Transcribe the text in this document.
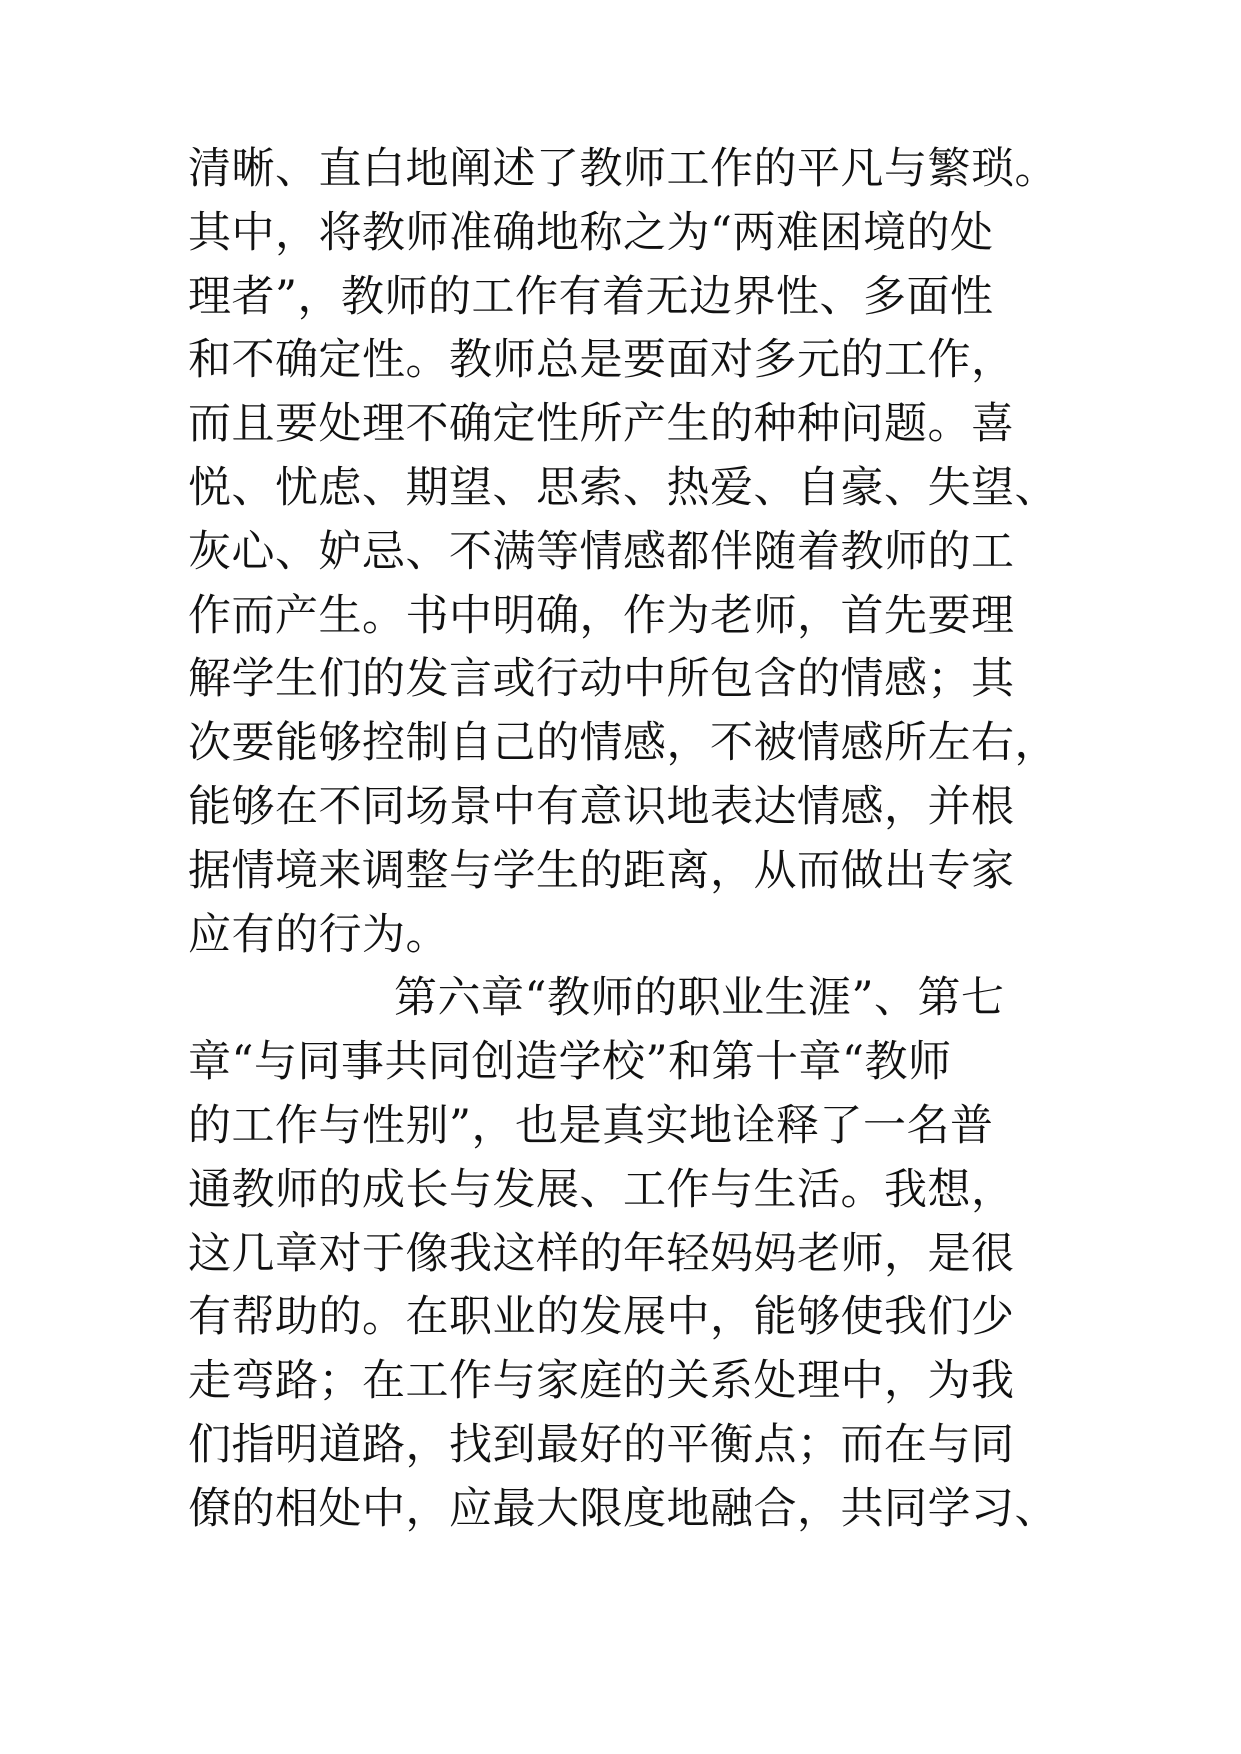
清晰、直白地阐述了教师工作的平凡与繁琐。
其中，将教师准确地称之为“两难困境的处
理者”，教师的工作有着无边界性、多面性
和不确定性。教师总是要面对多元的工作，
而且要处理不确定性所产生的种种问题。喜
悦、忧虑、期望、思索、热爱、自豪、失望、
灰心、妒忌、不满等情感都伴随着教师的工
作而产生。书中明确，作为老师，首先要理
解学生们的发言或行动中所包含的情感；其
次要能够控制自己的情感，不被情感所左右，
能够在不同场景中有意识地表达情感，并根
据情境来调整与学生的距离，从而做出专家
应有的行为。
第六章“教师的职业生涯”、第七
章“与同事共同创造学校”和第十章“教师
的工作与性别”，也是真实地诠释了一名普
通教师的成长与发展、工作与生活。我想，
这几章对于像我这样的年轻妈妈老师，是很
有帮助的。在职业的发展中，能够使我们少
走弯路；在工作与家庭的关系处理中，为我
们指明道路，找到最好的平衡点；而在与同
僚的相处中，应最大限度地融合，共同学习、
